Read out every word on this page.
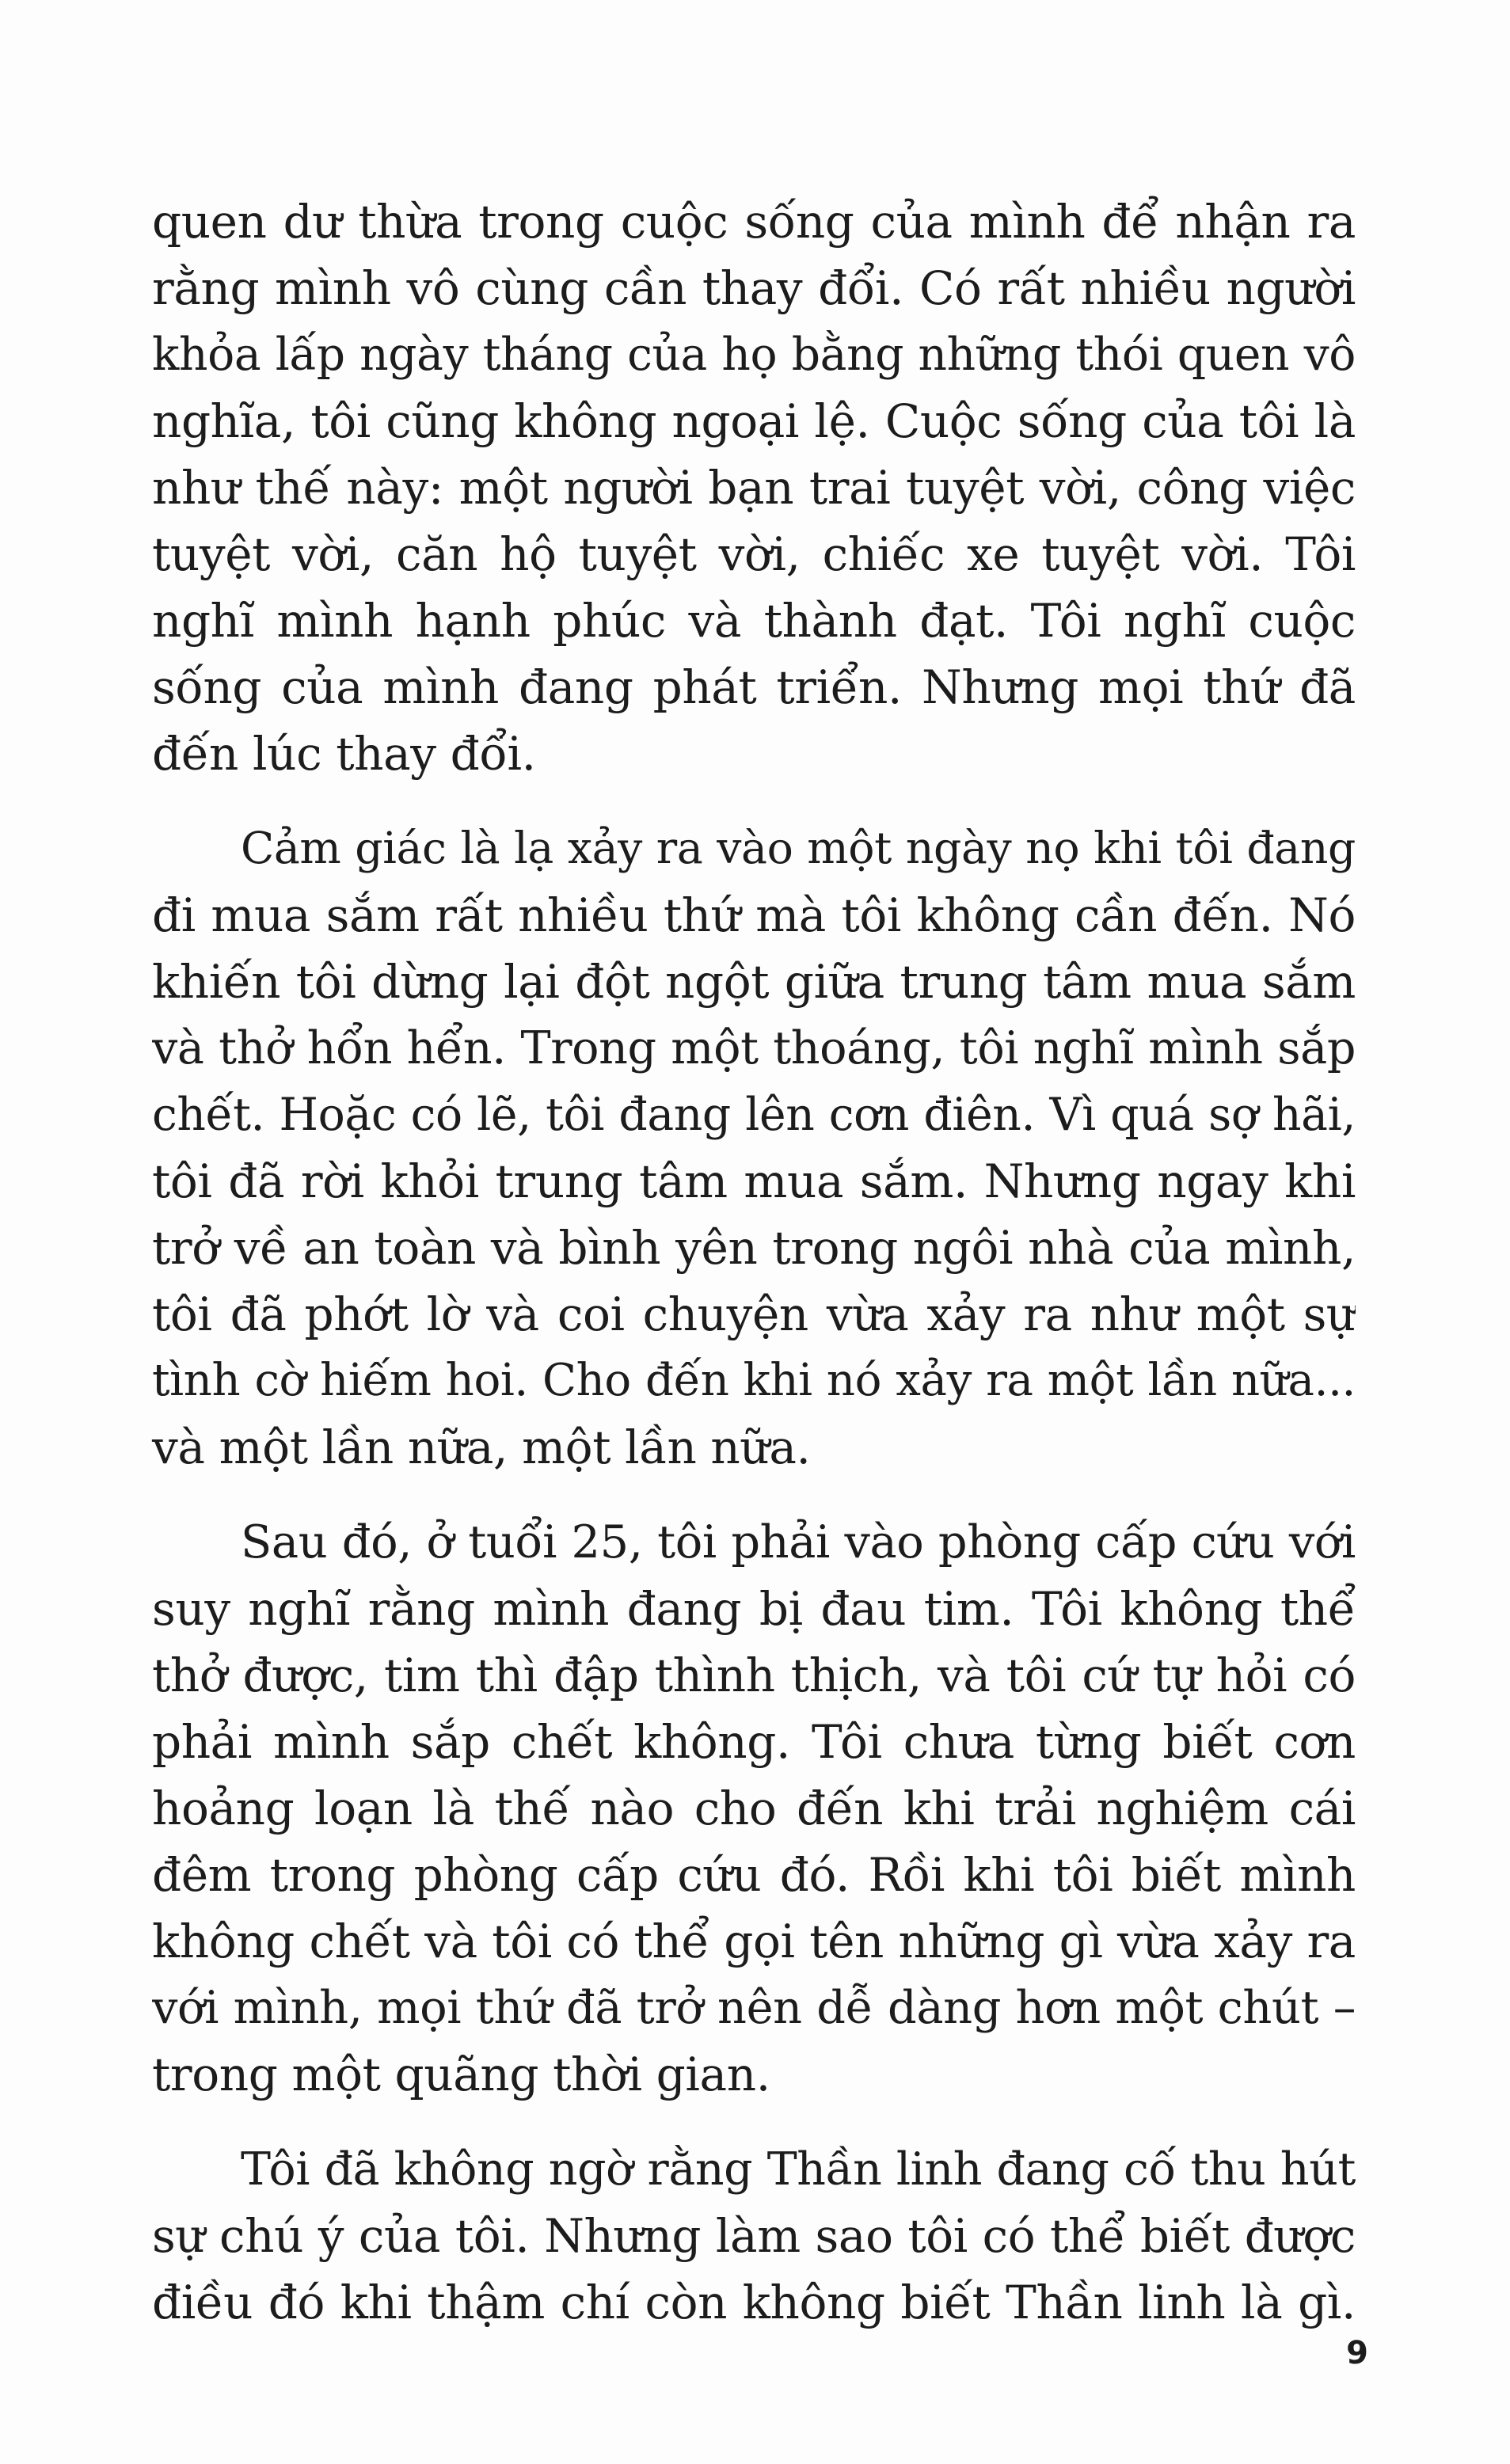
quen dư thừa trong cuộc sống của mình để nhận ra
rằng mình vô cùng cần thay đổi. Có rất nhiều người
khỏa lấp ngày tháng của họ bằng những thói quen vô
nghĩa, tôi cũng không ngoại lệ. Cuộc sống của tôi là
như thế này: một người bạn trai tuyệt vời, công việc
tuyệt vời, căn hộ tuyệt vời, chiếc xe tuyệt vời. Tôi
nghĩ mình hạnh phúc và thành đạt. Tôi nghĩ cuộc
sống của mình đang phát triển. Nhưng mọi thứ đã
đến lúc thay đổi.
Cảm giác là lạ xảy ra vào một ngày nọ khi tôi đang
đi mua sắm rất nhiều thứ mà tôi không cần đến. Nó
khiến tôi dừng lại đột ngột giữa trung tâm mua sắm
và thở hổn hển. Trong một thoáng, tôi nghĩ mình sắp
chết. Hoặc có lẽ, tôi đang lên cơn điên. Vì quá sợ hãi,
tôi đã rời khỏi trung tâm mua sắm. Nhưng ngay khi
trở về an toàn và bình yên trong ngôi nhà của mình,
tôi đã phớt lờ và coi chuyện vừa xảy ra như một sự
tình cờ hiếm hoi. Cho đến khi nó xảy ra một lần nữa...
và một lần nữa, một lần nữa.
Sau đó, ở tuổi 25, tôi phải vào phòng cấp cứu với
suy nghĩ rằng mình đang bị đau tim. Tôi không thể
thở được, tim thì đập thình thịch, và tôi cứ tự hỏi có
phải mình sắp chết không. Tôi chưa từng biết cơn
hoảng loạn là thế nào cho đến khi trải nghiệm cái
đêm trong phòng cấp cứu đó. Rồi khi tôi biết mình
không chết và tôi có thể gọi tên những gì vừa xảy ra
với mình, mọi thứ đã trở nên dễ dàng hơn một chút –
trong một quãng thời gian.
Tôi đã không ngờ rằng Thần linh đang cố thu hút
sự chú ý của tôi. Nhưng làm sao tôi có thể biết được
điều đó khi thậm chí còn không biết Thần linh là gì.
9
